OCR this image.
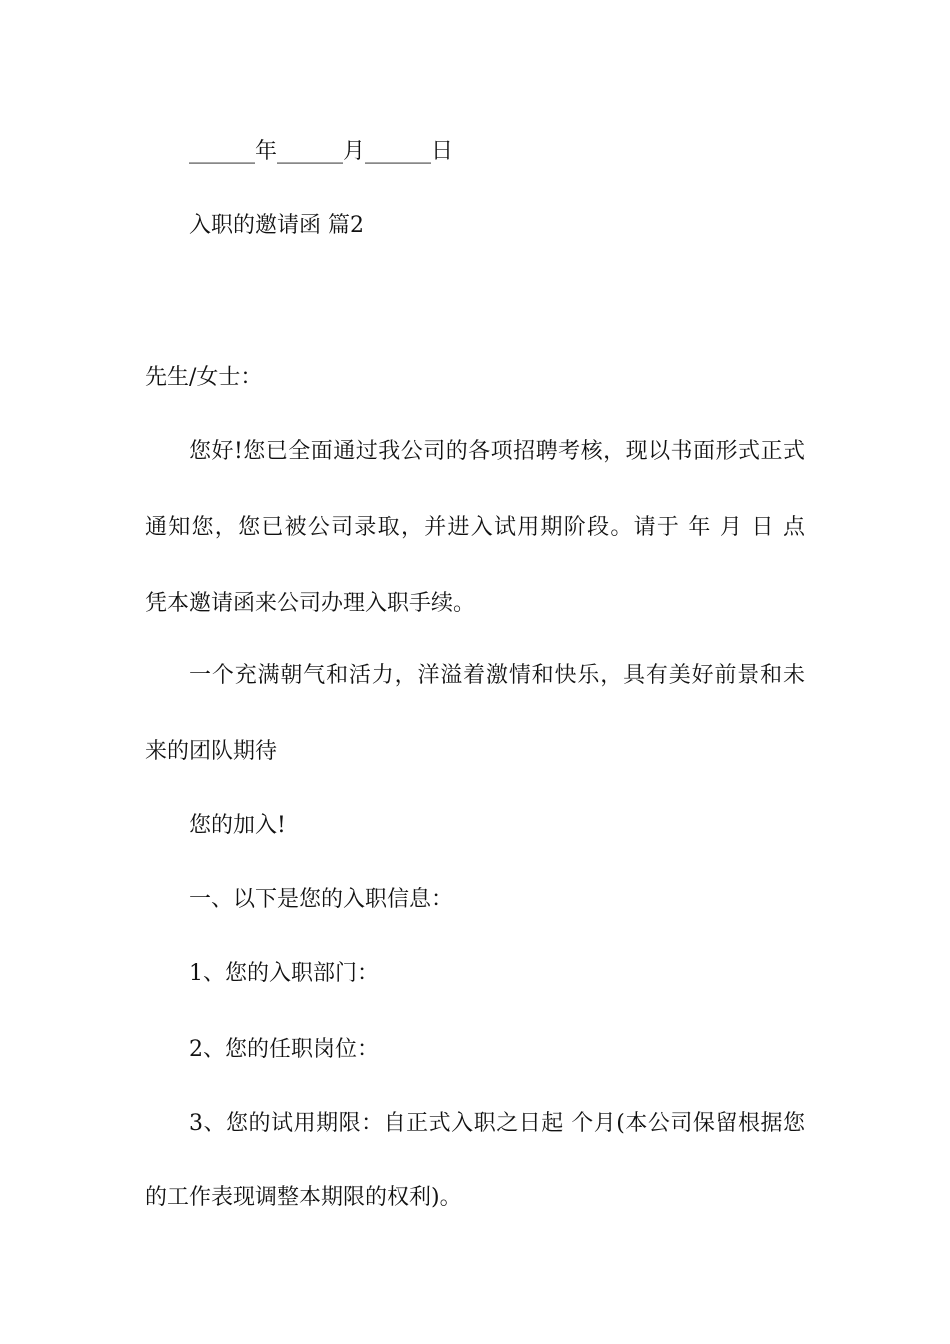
______年______月______日
入职的邀请函 篇2
先生/女士：
您好!您已全面通过我公司的各项招聘考核，现以书面形式正式
通知您，您已被公司录取，并进入试用期阶段。请于 年 月 日 点
凭本邀请函来公司办理入职手续。
一个充满朝气和活力，洋溢着激情和快乐，具有美好前景和未
来的团队期待
您的加入!
一、以下是您的入职信息：
1、您的入职部门：
2、您的任职岗位：
3、您的试用期限：自正式入职之日起 个月(本公司保留根据您
的工作表现调整本期限的权利)。
